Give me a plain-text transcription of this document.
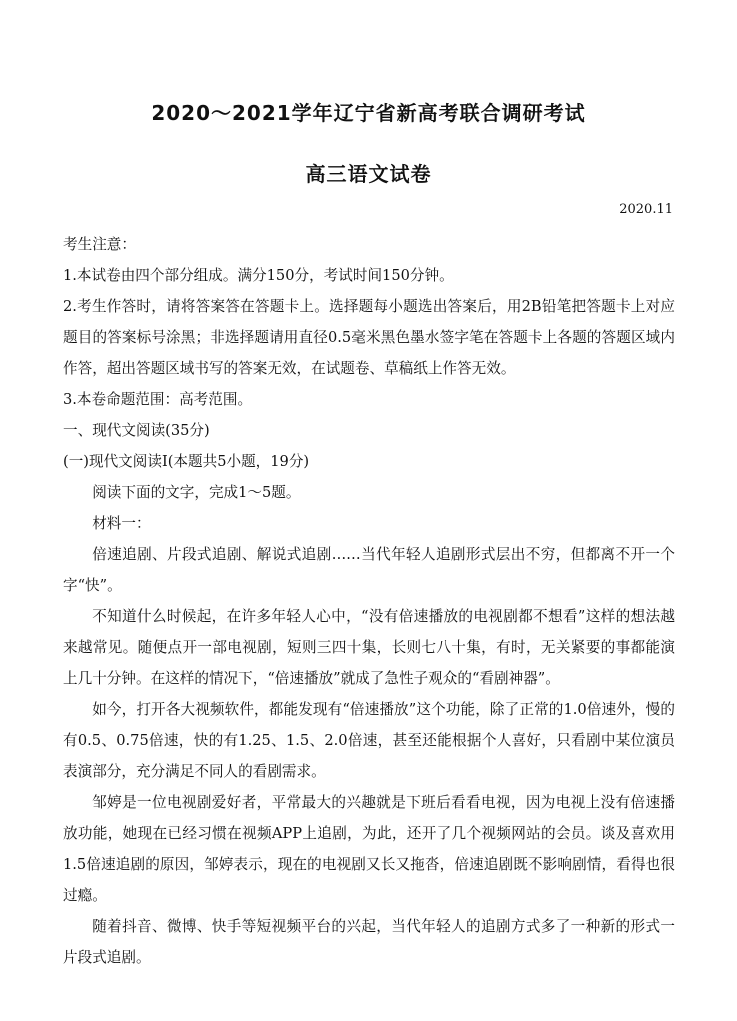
2020～2021学年辽宁省新高考联合调研考试
高三语文试卷
2020.11

考生注意：

1.本试卷由四个部分组成。满分150分，考试时间150分钟。

2.考生作答时，请将答案答在答题卡上。选择题每小题选出答案后，用2B铅笔把答题卡上对应题目的答案标号涂黑；非选择题请用直径0.5毫米黑色墨水签字笔在答题卡上各题的答题区域内作答，超出答题区域书写的答案无效，在试题卷、草稿纸上作答无效。

3.本卷命题范围：高考范围。

一、现代文阅读(35分)

(一)现代文阅读Ⅰ(本题共5小题，19分)

阅读下面的文字，完成1～5题。

材料一：

倍速追剧、片段式追剧、解说式追剧……当代年轻人追剧形式层出不穷，但都离不开一个字“快”。

不知道什么时候起，在许多年轻人心中，“没有倍速播放的电视剧都不想看”这样的想法越来越常见。随便点开一部电视剧，短则三四十集，长则七八十集，有时，无关紧要的事都能演上几十分钟。在这样的情况下，“倍速播放”就成了急性子观众的“看剧神器”。

如今，打开各大视频软件，都能发现有“倍速播放”这个功能，除了正常的1.0倍速外，慢的有0.5、0.75倍速，快的有1.25、1.5、2.0倍速，甚至还能根据个人喜好，只看剧中某位演员表演部分，充分满足不同人的看剧需求。

邹婷是一位电视剧爱好者，平常最大的兴趣就是下班后看看电视，因为电视上没有倍速播放功能，她现在已经习惯在视频APP上追剧，为此，还开了几个视频网站的会员。谈及喜欢用1.5倍速追剧的原因，邹婷表示，现在的电视剧又长又拖沓，倍速追剧既不影响剧情，看得也很过瘾。

随着抖音、微博、快手等短视频平台的兴起，当代年轻人的追剧方式多了一种新的形式一片段式追剧。
